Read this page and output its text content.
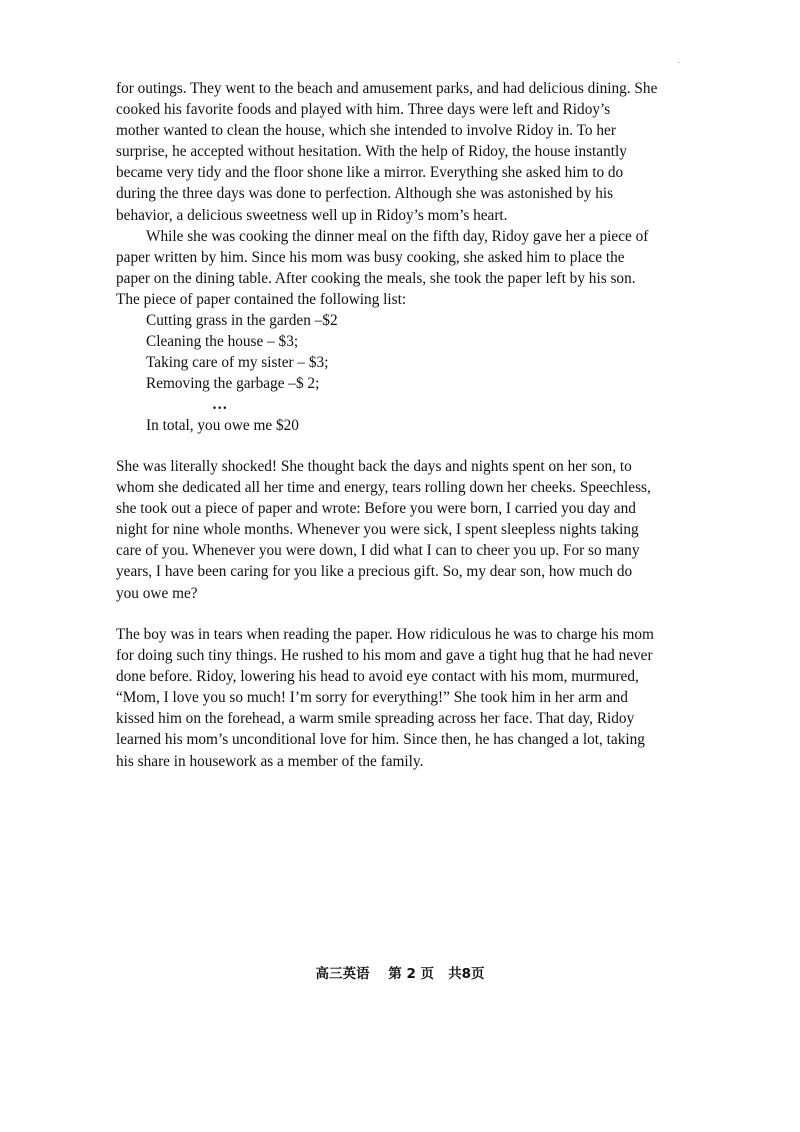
.
for outings. They went to the beach and amusement parks, and had delicious dining. She
cooked his favorite foods and played with him. Three days were left and Ridoy’s
mother wanted to clean the house, which she intended to involve Ridoy in. To her
surprise, he accepted without hesitation. With the help of Ridoy, the house instantly
became very tidy and the floor shone like a mirror. Everything she asked him to do
during the three days was done to perfection. Although she was astonished by his
behavior, a delicious sweetness well up in Ridoy’s mom’s heart.
While she was cooking the dinner meal on the fifth day, Ridoy gave her a piece of
paper written by him. Since his mom was busy cooking, she asked him to place the
paper on the dining table. After cooking the meals, she took the paper left by his son.
The piece of paper contained the following list:
Cutting grass in the garden –$2
Cleaning the house – $3;
Taking care of my sister – $3;
Removing the garbage –$ 2;
…
In total, you owe me $20
She was literally shocked! She thought back the days and nights spent on her son, to
whom she dedicated all her time and energy, tears rolling down her cheeks. Speechless,
she took out a piece of paper and wrote: Before you were born, I carried you day and
night for nine whole months. Whenever you were sick, I spent sleepless nights taking
care of you. Whenever you were down, I did what I can to cheer you up. For so many
years, I have been caring for you like a precious gift. So, my dear son, how much do
you owe me?
The boy was in tears when reading the paper. How ridiculous he was to charge his mom
for doing such tiny things. He rushed to his mom and gave a tight hug that he had never
done before. Ridoy, lowering his head to avoid eye contact with his mom, murmured,
“Mom, I love you so much! I’m sorry for everything!” She took him in her arm and
kissed him on the forehead, a warm smile spreading across her face. That day, Ridoy
learned his mom’s unconditional love for him. Since then, he has changed a lot, taking
his share in housework as a member of the family.
高三英语    第 2 页   共8页
